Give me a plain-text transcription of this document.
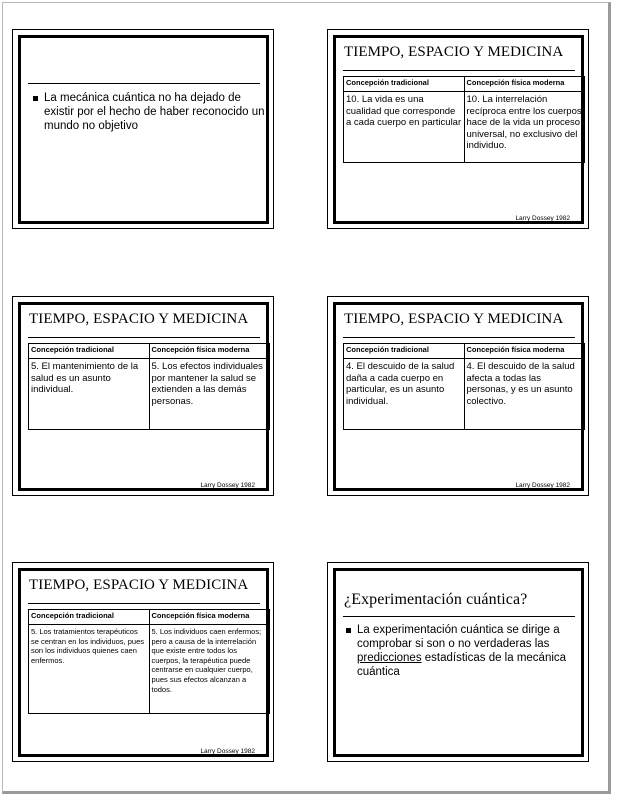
La mecánica cuántica no ha dejado de existir por el hecho de haber reconocido un mundo no objetivo
TIEMPO, ESPACIO Y MEDICINA
Concepción tradicional	Concepción física moderna
10. La vida es una cualidad que corresponde a cada cuerpo en particular	10. La interrelación recíproca entre los cuerpos hace de la vida un proceso universal, no exclusivo del individuo.
Larry Dossey 1982
TIEMPO, ESPACIO Y MEDICINA
Concepción tradicional	Concepción física moderna
5. El mantenimiento de la salud es un asunto individual.	5. Los efectos individuales por mantener la salud se extienden a las demás personas.
Larry Dossey 1982
TIEMPO, ESPACIO Y MEDICINA
Concepción tradicional	Concepción física moderna
4. El descuido de la salud daña a cada cuerpo en particular, es un asunto individual.	4. El descuido de la salud afecta a todas las personas, y es un asunto colectivo.
Larry Dossey 1982
TIEMPO, ESPACIO Y MEDICINA
Concepción tradicional	Concepción física moderna
5. Los tratamientos terapéuticos se centran en los individuos, pues son los individuos quienes caen enfermos.	5. Los individuos caen enfermos; pero a causa de la interrelación que existe entre todos los cuerpos, la terapéutica puede centrarse en cualquier cuerpo, pues sus efectos alcanzan a todos.
Larry Dossey 1982
¿Experimentación cuántica?
La experimentación cuántica se dirige a comprobar si son o no verdaderas las predicciones estadísticas de la mecánica cuántica
